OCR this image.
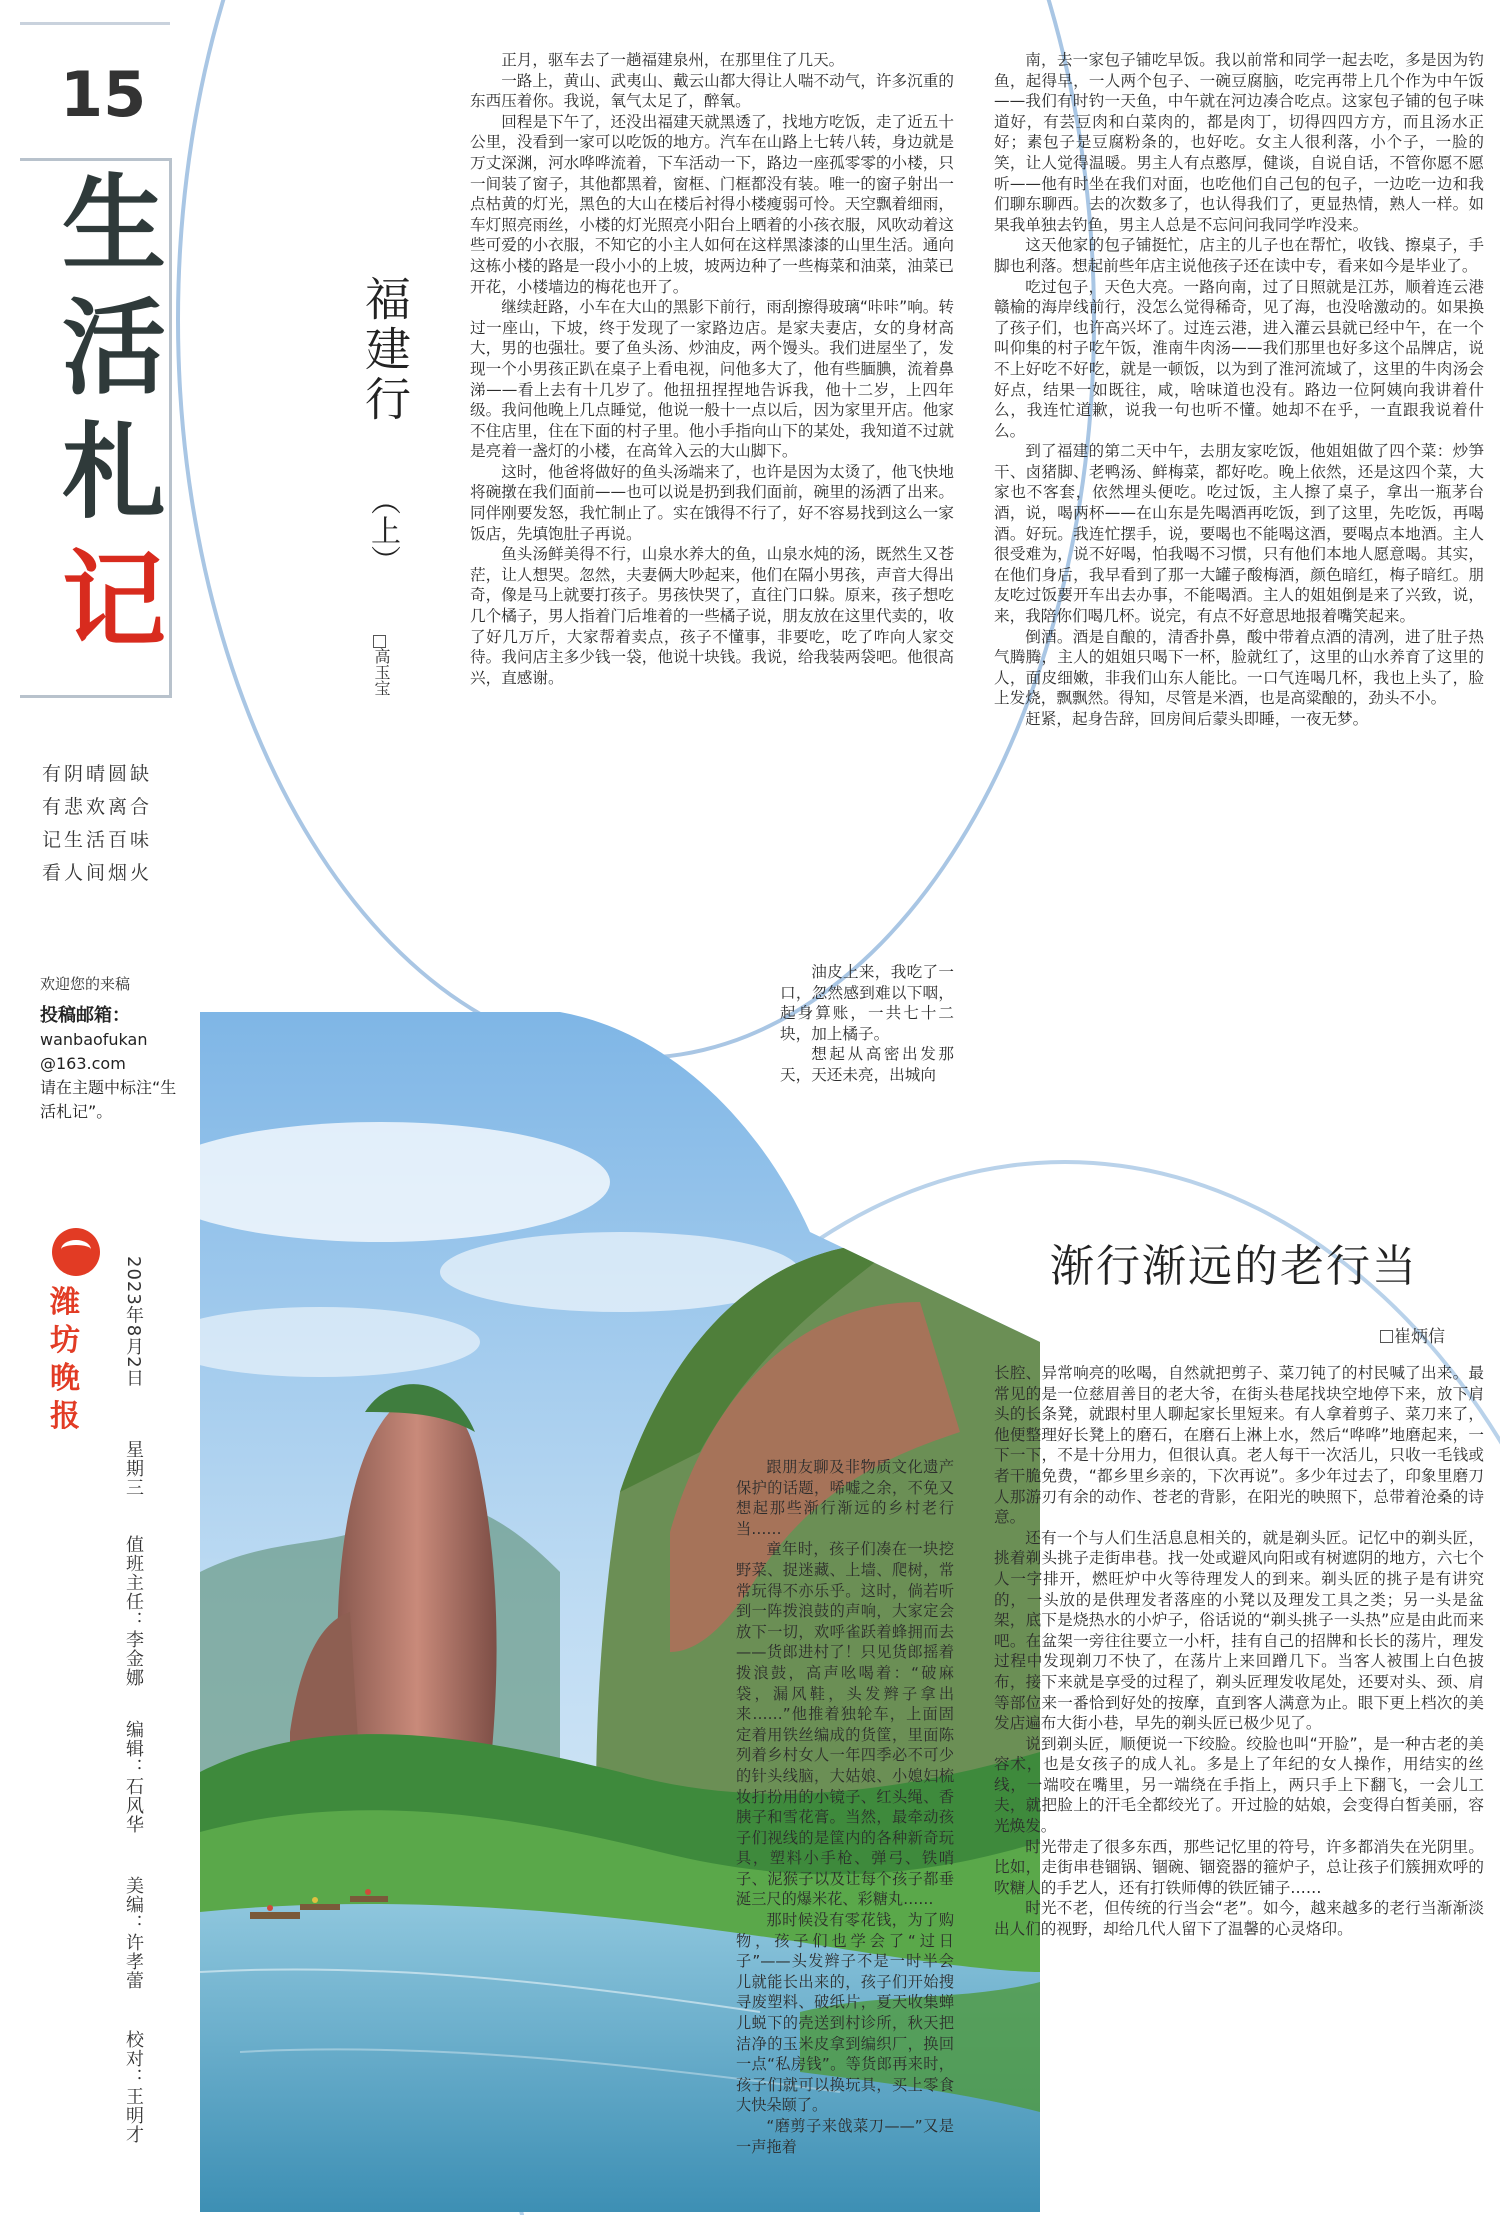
15
生
活
札
记
有阴晴圆缺
有悲欢离合
记生活百味
看人间烟火
欢迎您的来稿
投稿邮箱：
wanbaofukan
@163.com
请在主题中标注“生活札记”。
潍坊晚报
2023年8月2日
星期三
值班主任：李金娜
编辑：石风华
美编：许孝蕾
校对：王明才
福建行
（上）
高玉宝

正月，驱车去了一趟福建泉州，在那里住了几天。

一路上，黄山、武夷山、戴云山都大得让人喘不动气，许多沉重的东西压着你。我说，氧气太足了，醉氧。

回程是下午了，还没出福建天就黑透了，找地方吃饭，走了近五十公里，没看到一家可以吃饭的地方。汽车在山路上七转八转，身边就是万丈深渊，河水哗哗流着，下车活动一下，路边一座孤零零的小楼，只一间装了窗子，其他都黑着，窗框、门框都没有装。唯一的窗子射出一点枯黄的灯光，黑色的大山在楼后衬得小楼瘦弱可怜。天空飘着细雨，车灯照亮雨丝，小楼的灯光照亮小阳台上晒着的小孩衣服，风吹动着这些可爱的小衣服，不知它的小主人如何在这样黑漆漆的山里生活。通向这栋小楼的路是一段小小的上坡，坡两边种了一些梅菜和油菜，油菜已开花，小楼墙边的梅花也开了。

继续赶路，小车在大山的黑影下前行，雨刮擦得玻璃“咔咔”响。转过一座山，下坡，终于发现了一家路边店。是家夫妻店，女的身材高大，男的也强壮。要了鱼头汤、炒油皮，两个馒头。我们进屋坐了，发现一个小男孩正趴在桌子上看电视，问他多大了，他有些腼腆，流着鼻涕——看上去有十几岁了。他扭扭捏捏地告诉我，他十二岁，上四年级。我问他晚上几点睡觉，他说一般十一点以后，因为家里开店。他家不住店里，住在下面的村子里。他小手指向山下的某处，我知道不过就是亮着一盏灯的小楼，在高耸入云的大山脚下。

这时，他爸将做好的鱼头汤端来了，也许是因为太烫了，他飞快地将碗撴在我们面前——也可以说是扔到我们面前，碗里的汤洒了出来。同伴刚要发怒，我忙制止了。实在饿得不行了，好不容易找到这么一家饭店，先填饱肚子再说。

鱼头汤鲜美得不行，山泉水养大的鱼，山泉水炖的汤，既然生又苍茫，让人想哭。忽然，夫妻俩大吵起来，他们在隔小男孩，声音大得出奇，像是马上就要打孩子。男孩快哭了，直往门口躲。原来，孩子想吃几个橘子，男人指着门后堆着的一些橘子说，朋友放在这里代卖的，收了好几万斤，大家帮着卖点，孩子不懂事，非要吃，吃了咋向人家交待。我问店主多少钱一袋，他说十块钱。我说，给我装两袋吧。他很高兴，直感谢。

油皮上来，我吃了一口，忽然感到难以下咽，起身算账，一共七十二块，加上橘子。

想起从高密出发那天，天还未亮，出城向

南，去一家包子铺吃早饭。我以前常和同学一起去吃，多是因为钓鱼，起得早，一人两个包子、一碗豆腐脑，吃完再带上几个作为中午饭——我们有时钓一天鱼，中午就在河边凑合吃点。这家包子铺的包子味道好，有芸豆肉和白菜肉的，都是肉丁，切得四四方方，而且汤水正好；素包子是豆腐粉条的，也好吃。女主人很利落，小个子，一脸的笑，让人觉得温暖。男主人有点憨厚，健谈，自说自话，不管你愿不愿听——他有时坐在我们对面，也吃他们自己包的包子，一边吃一边和我们聊东聊西。去的次数多了，也认得我们了，更显热情，熟人一样。如果我单独去钓鱼，男主人总是不忘问问我同学咋没来。

这天他家的包子铺挺忙，店主的儿子也在帮忙，收钱、擦桌子，手脚也利落。想起前些年店主说他孩子还在读中专，看来如今是毕业了。

吃过包子，天色大亮。一路向南，过了日照就是江苏，顺着连云港赣榆的海岸线前行，没怎么觉得稀奇，见了海，也没啥激动的。如果换了孩子们，也许高兴坏了。过连云港，进入灌云县就已经中午，在一个叫仰集的村子吃午饭，淮南牛肉汤——我们那里也好多这个品牌店，说不上好吃不好吃，就是一顿饭，以为到了淮河流域了，这里的牛肉汤会好点，结果一如既往，咸，啥味道也没有。路边一位阿姨向我讲着什么，我连忙道歉，说我一句也听不懂。她却不在乎，一直跟我说着什么。

到了福建的第二天中午，去朋友家吃饭，他姐姐做了四个菜：炒笋干、卤猪脚、老鸭汤、鲜梅菜，都好吃。晚上依然，还是这四个菜，大家也不客套，依然埋头便吃。吃过饭，主人擦了桌子，拿出一瓶茅台酒，说，喝两杯——在山东是先喝酒再吃饭，到了这里，先吃饭，再喝酒。好玩。我连忙摆手，说，要喝也不能喝这酒，要喝点本地酒。主人很受难为，说不好喝，怕我喝不习惯，只有他们本地人愿意喝。其实，在他们身后，我早看到了那一大罐子酸梅酒，颜色暗红，梅子暗红。朋友吃过饭要开车出去办事，不能喝酒。主人的姐姐倒是来了兴致，说，来，我陪你们喝几杯。说完，有点不好意思地报着嘴笑起来。

倒酒。酒是自酿的，清香扑鼻，酸中带着点酒的清冽，进了肚子热气腾腾，主人的姐姐只喝下一杯，脸就红了，这里的山水养育了这里的人，面皮细嫩，非我们山东人能比。一口气连喝几杯，我也上头了，脸上发烧，飘飘然。得知，尽管是米酒，也是高粱酿的，劲头不小。

赶紧，起身告辞，回房间后蒙头即睡，一夜无梦。

渐行渐远的老行当
崔炳信

跟朋友聊及非物质文化遗产保护的话题，唏嘘之余，不免又想起那些渐行渐远的乡村老行当……

童年时，孩子们凑在一块挖野菜、捉迷藏、上墙、爬树，常常玩得不亦乐乎。这时，倘若听到一阵拨浪鼓的声响，大家定会放下一切，欢呼雀跃着蜂拥而去——货郎进村了！只见货郎摇着拨浪鼓，高声吆喝着：“破麻袋，漏风鞋，头发辫子拿出来……”他推着独轮车，上面固定着用铁丝编成的货筐，里面陈列着乡村女人一年四季必不可少的针头线脑，大姑娘、小媳妇梳妆打扮用的小镜子、红头绳、香胰子和雪花膏。当然，最牵动孩子们视线的是筐内的各种新奇玩具，塑料小手枪、弹弓、铁哨子、泥猴子以及让每个孩子都垂涎三尺的爆米花、彩糖丸……

那时候没有零花钱，为了购物，孩子们也学会了“过日子”——头发辫子不是一时半会儿就能长出来的，孩子们开始搜寻废塑料、破纸片，夏天收集蝉儿蜕下的壳送到村诊所，秋天把洁净的玉米皮拿到编织厂，换回一点“私房钱”。等货郎再来时，孩子们就可以换玩具，买上零食大快朵颐了。

“磨剪子来戗菜刀——”又是一声拖着

长腔、异常响亮的吆喝，自然就把剪子、菜刀钝了的村民喊了出来。最常见的是一位慈眉善目的老大爷，在街头巷尾找块空地停下来，放下肩头的长条凳，就跟村里人聊起家长里短来。有人拿着剪子、菜刀来了，他便整理好长凳上的磨石，在磨石上淋上水，然后“哗哗”地磨起来，一下一下，不是十分用力，但很认真。老人每干一次活儿，只收一毛钱或者干脆免费，“都乡里乡亲的，下次再说”。多少年过去了，印象里磨刀人那游刃有余的动作、苍老的背影，在阳光的映照下，总带着沧桑的诗意。

还有一个与人们生活息息相关的，就是剃头匠。记忆中的剃头匠，挑着剃头挑子走街串巷。找一处或避风向阳或有树遮阴的地方，六七个人一字排开，燃旺炉中火等待理发人的到来。剃头匠的挑子是有讲究的，一头放的是供理发者落座的小凳以及理发工具之类；另一头是盆架，底下是烧热水的小炉子，俗话说的“剃头挑子一头热”应是由此而来吧。在盆架一旁往往要立一小杆，挂有自己的招牌和长长的荡片，理发过程中发现剃刀不快了，在荡片上来回蹭几下。当客人被围上白色披布，接下来就是享受的过程了，剃头匠理发收尾处，还要对头、颈、肩等部位来一番恰到好处的按摩，直到客人满意为止。眼下更上档次的美发店遍布大街小巷，早先的剃头匠已极少见了。

说到剃头匠，顺便说一下绞脸。绞脸也叫“开脸”，是一种古老的美容术，也是女孩子的成人礼。多是上了年纪的女人操作，用结实的丝线，一端咬在嘴里，另一端绕在手指上，两只手上下翻飞，一会儿工夫，就把脸上的汗毛全都绞光了。开过脸的姑娘，会变得白皙美丽，容光焕发。

时光带走了很多东西，那些记忆里的符号，许多都消失在光阴里。比如，走街串巷锢锅、锢碗、锢瓷器的箍炉子，总让孩子们簇拥欢呼的吹糖人的手艺人，还有打铁师傅的铁匠铺子……

时光不老，但传统的行当会“老”。如今，越来越多的老行当渐渐淡出人们的视野，却给几代人留下了温馨的心灵烙印。
